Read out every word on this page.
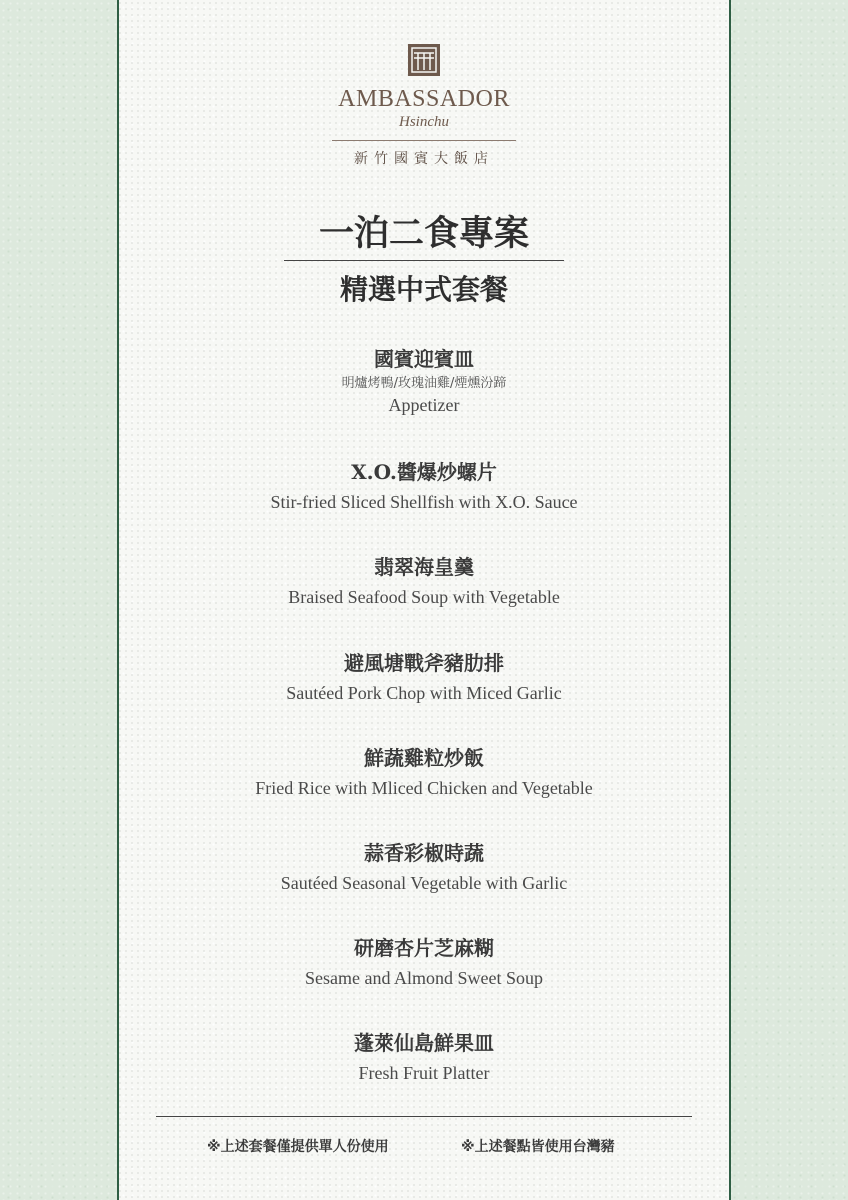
AMBASSADOR
Hsinchu
新竹國賓大飯店
一泊二食專案
精選中式套餐
國賓迎賓皿
明爐烤鴨/玫瑰油雞/煙燻汾蹄
Appetizer
X.O.醬爆炒螺片
Stir-fried Sliced Shellfish with X.O. Sauce
翡翠海皇羹
Braised Seafood Soup with Vegetable
避風塘戰斧豬肋排
Sautéed Pork Chop with Miced Garlic
鮮蔬雞粒炒飯
Fried Rice with Mliced Chicken and Vegetable
蒜香彩椒時蔬
Sautéed Seasonal Vegetable with Garlic
研磨杏片芝麻糊
Sesame and Almond Sweet Soup
蓬萊仙島鮮果皿
Fresh Fruit Platter
※上述套餐僅提供單人份使用	※上述餐點皆使用台灣豬
